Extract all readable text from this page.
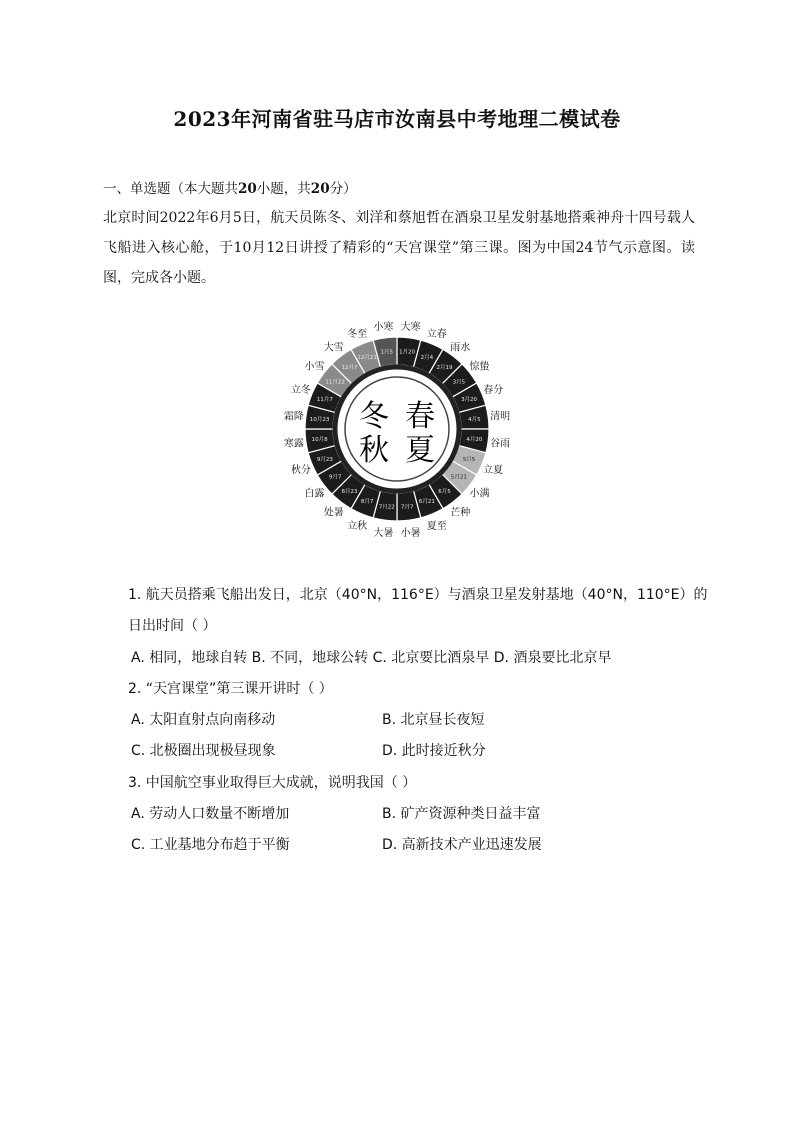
2023年河南省驻马店市汝南县中考地理二模试卷
一、单选题（本大题共20小题，共20分）
北京时间2022年6月5日，航天员陈冬、刘洋和蔡旭哲在酒泉卫星发射基地搭乘神舟十四号载人飞船进入核心舱，于10月12日讲授了精彩的“天宫课堂”第三课。图为中国24节气示意图。读图，完成各小题。
1月20
大寒
2月4
立春
2月19
雨水
3月5
惊蛰
3月20
春分
4月5 清明
4月20 谷雨
5月5
立夏
5月21
小满
6月5
芒种
6月21
夏至
7月7
小暑
7月22
大暑
8月7
立秋
8月23
处暑
9月7
白露
9月23
秋分
10月8
寒露
10月23
霜降
11月7
立冬
11月22
小雪	12月7
大雪
12月21
冬至
1月5
小寒
冬 春
秋 夏
1. 航天员搭乘飞船出发日，北京（40°N，116°E）与酒泉卫星发射基地（40°N，110°E）的
日出时间（ ）
A. 相同，地球自转 B. 不同，地球公转 C. 北京要比酒泉早 D. 酒泉要比北京早
2. “天宫课堂”第三课开讲时（ ）
A. 太阳直射点向南移动	B. 北京昼长夜短
C. 北极圈出现极昼现象	D. 此时接近秋分
3. 中国航空事业取得巨大成就，说明我国（ ）
A. 劳动人口数量不断增加	B. 矿产资源种类日益丰富
C. 工业基地分布趋于平衡	D. 高新技术产业迅速发展
